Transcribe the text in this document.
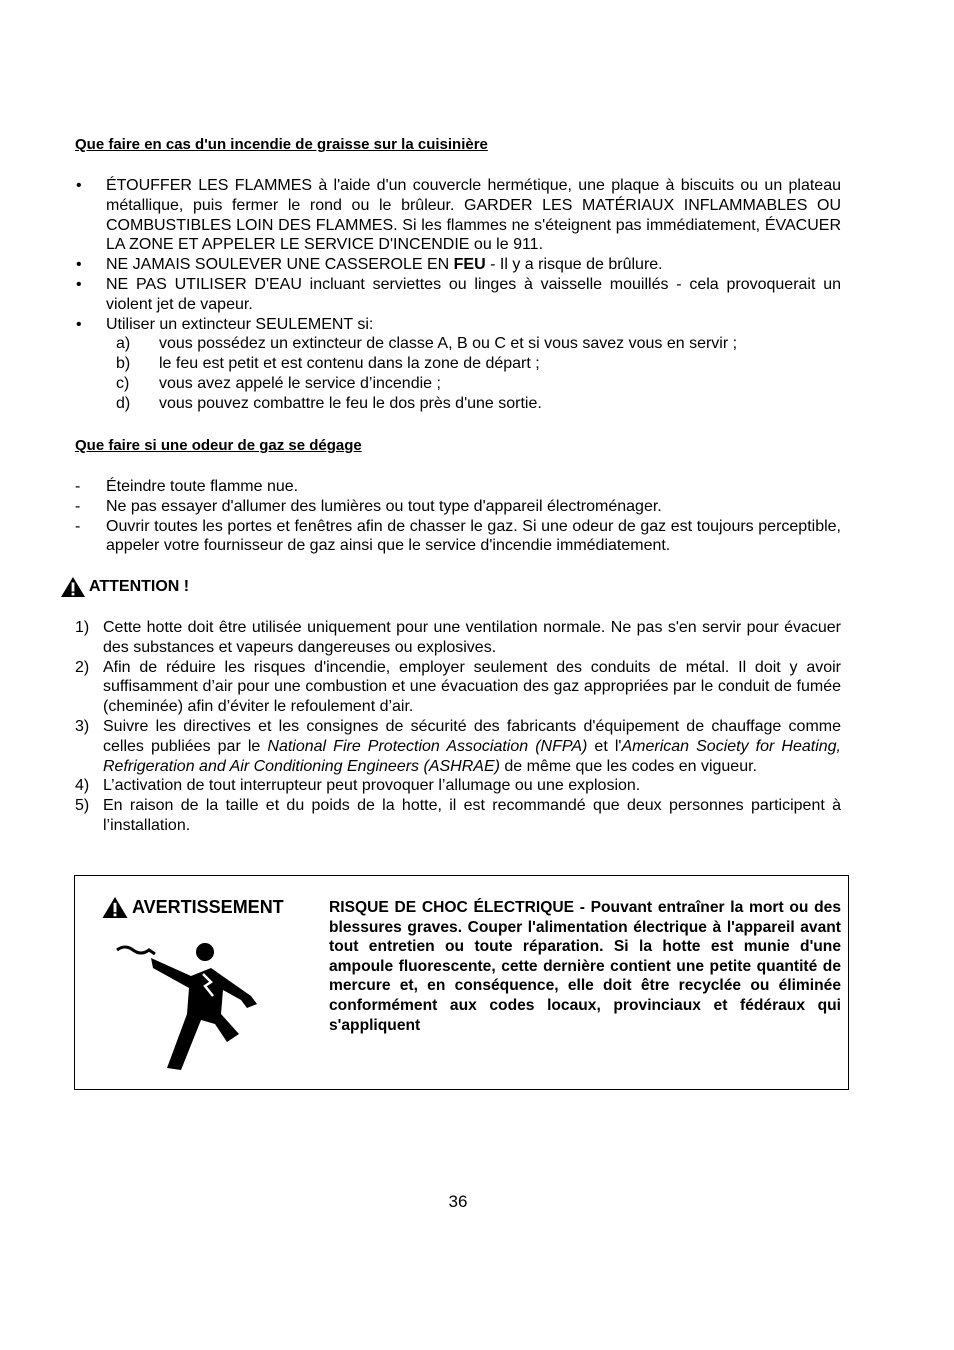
Que faire en cas d'un incendie de graisse sur la cuisinière
• ÉTOUFFER LES FLAMMES à l'aide d'un couvercle hermétique, une plaque à biscuits ou un plateau métallique, puis fermer le rond ou le brûleur. GARDER LES MATÉRIAUX INFLAMMABLES OU COMBUSTIBLES LOIN DES FLAMMES. Si les flammes ne s'éteignent pas immédiatement, ÉVACUER LA ZONE ET APPELER LE SERVICE D'INCENDIE ou le 911.
• NE JAMAIS SOULEVER UNE CASSEROLE EN FEU - Il y a risque de brûlure.
• NE PAS UTILISER D'EAU incluant serviettes ou linges à vaisselle mouillés - cela provoquerait un violent jet de vapeur.
• Utiliser un extincteur SEULEMENT si:
a) vous possédez un extincteur de classe A, B ou C et si vous savez vous en servir ;
b) le feu est petit et est contenu dans la zone de départ ;
c) vous avez appelé le service d’incendie ;
d) vous pouvez combattre le feu le dos près d'une sortie.
Que faire si une odeur de gaz se dégage
- Éteindre toute flamme nue.
- Ne pas essayer d'allumer des lumières ou tout type d'appareil électroménager.
- Ouvrir toutes les portes et fenêtres afin de chasser le gaz. Si une odeur de gaz est toujours perceptible, appeler votre fournisseur de gaz ainsi que le service d'incendie immédiatement.
ATTENTION !
1) Cette hotte doit être utilisée uniquement pour une ventilation normale. Ne pas s'en servir pour évacuer des substances et vapeurs dangereuses ou explosives.
2) Afin de réduire les risques d'incendie, employer seulement des conduits de métal. Il doit y avoir suffisamment d’air pour une combustion et une évacuation des gaz appropriées par le conduit de fumée (cheminée) afin d’éviter le refoulement d’air.
3) Suivre les directives et les consignes de sécurité des fabricants d'équipement de chauffage comme celles publiées par le National Fire Protection Association (NFPA) et l'American Society for Heating, Refrigeration and Air Conditioning Engineers (ASHRAE) de même que les codes en vigueur.
4) L’activation de tout interrupteur peut provoquer l’allumage ou une explosion.
5) En raison de la taille et du poids de la hotte, il est recommandé que deux personnes participent à l’installation.
AVERTISSEMENT	RISQUE DE CHOC ÉLECTRIQUE - Pouvant entraîner la mort ou des blessures graves. Couper l'alimentation électrique à l'appareil avant tout entretien ou toute réparation. Si la hotte est munie d'une ampoule fluorescente, cette dernière contient une petite quantité de mercure et, en conséquence, elle doit être recyclée ou éliminée conformément aux codes locaux, provinciaux et fédéraux qui s'appliquent
36
